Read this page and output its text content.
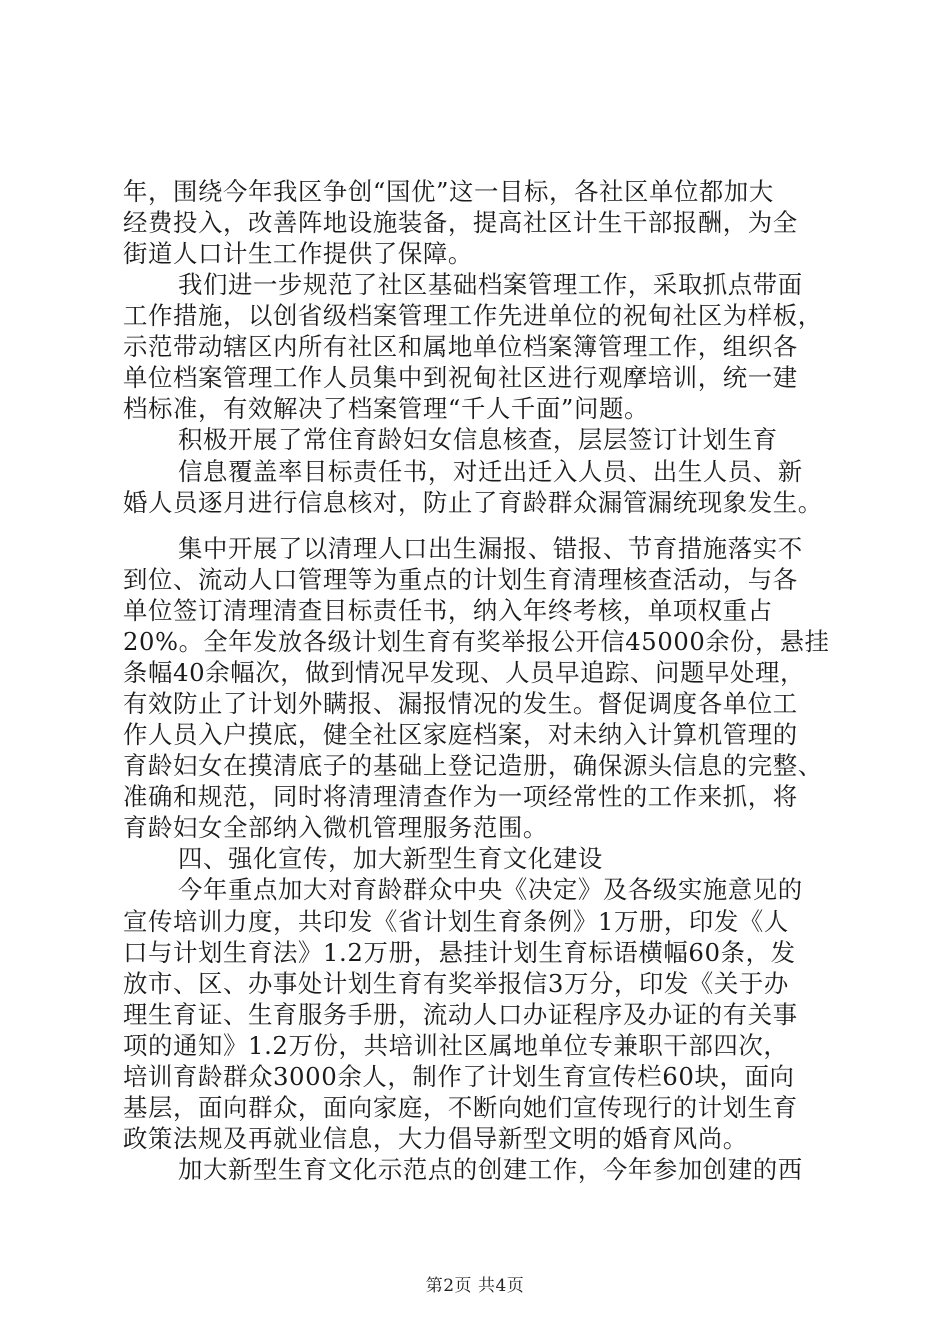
年，围绕今年我区争创“国优”这一目标，各社区单位都加大
经费投入，改善阵地设施装备，提高社区计生干部报酬，为全
街道人口计生工作提供了保障。
我们进一步规范了社区基础档案管理工作，采取抓点带面
工作措施，以创省级档案管理工作先进单位的祝甸社区为样板，
示范带动辖区内所有社区和属地单位档案簿管理工作，组织各
单位档案管理工作人员集中到祝甸社区进行观摩培训，统一建
档标准，有效解决了档案管理“千人千面”问题。
积极开展了常住育龄妇女信息核查，层层签订计划生育
信息覆盖率目标责任书，对迁出迁入人员、出生人员、新
婚人员逐月进行信息核对，防止了育龄群众漏管漏统现象发生。
集中开展了以清理人口出生漏报、错报、节育措施落实不
到位、流动人口管理等为重点的计划生育清理核查活动，与各
单位签订清理清查目标责任书，纳入年终考核，单项权重占
20%。全年发放各级计划生育有奖举报公开信45000余份，悬挂
条幅40余幅次，做到情况早发现、人员早追踪、问题早处理，
有效防止了计划外瞒报、漏报情况的发生。督促调度各单位工
作人员入户摸底，健全社区家庭档案，对未纳入计算机管理的
育龄妇女在摸清底子的基础上登记造册，确保源头信息的完整、
准确和规范，同时将清理清查作为一项经常性的工作来抓，将
育龄妇女全部纳入微机管理服务范围。
四、强化宣传，加大新型生育文化建设
今年重点加大对育龄群众中央《决定》及各级实施意见的
宣传培训力度，共印发《省计划生育条例》1万册，印发《人
口与计划生育法》1.2万册，悬挂计划生育标语横幅60条，发
放市、区、办事处计划生育有奖举报信3万分，印发《关于办
理生育证、生育服务手册，流动人口办证程序及办证的有关事
项的通知》1.2万份，共培训社区属地单位专兼职干部四次，
培训育龄群众3000余人，制作了计划生育宣传栏60块，面向
基层，面向群众，面向家庭，不断向她们宣传现行的计划生育
政策法规及再就业信息，大力倡导新型文明的婚育风尚。
加大新型生育文化示范点的创建工作，今年参加创建的西
第2页 共4页
